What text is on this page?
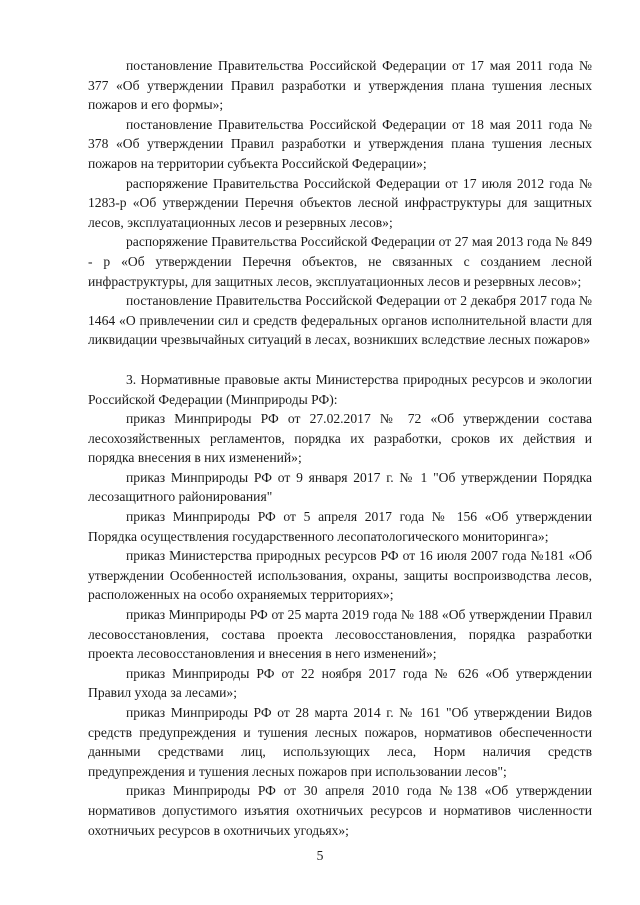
постановление Правительства Российской Федерации от 17 мая 2011 года № 377 «Об утверждении Правил разработки и утверждения плана тушения лесных пожаров и его формы»;

постановление Правительства Российской Федерации от 18 мая 2011 года № 378 «Об утверждении Правил разработки и утверждения плана тушения лесных пожаров на территории субъекта Российской Федерации»;

распоряжение Правительства Российской Федерации от 17 июля 2012 года № 1283-р «Об утверждении Перечня объектов лесной инфраструктуры для защитных лесов, эксплуатационных лесов и резервных лесов»;

распоряжение Правительства Российской Федерации от 27 мая 2013 года № 849 - р «Об утверждении Перечня объектов, не связанных с созданием лесной инфраструктуры, для защитных лесов, эксплуатационных лесов и резервных лесов»;

постановление Правительства Российской Федерации от 2 декабря 2017 года № 1464 «О привлечении сил и средств федеральных органов исполнительной власти для ликвидации чрезвычайных ситуаций в лесах, возникших вследствие лесных пожаров»

3. Нормативные правовые акты Министерства природных ресурсов и экологии Российской Федерации (Минприроды РФ):

приказ Минприроды РФ от 27.02.2017 № 72 «Об утверждении состава лесохозяйственных регламентов, порядка их разработки, сроков их действия и порядка внесения в них изменений»;

приказ Минприроды РФ от 9 января 2017 г. № 1 "Об утверждении Порядка лесозащитного районирования"

приказ Минприроды РФ от 5 апреля 2017 года № 156 «Об утверждении Порядка осуществления государственного лесопатологического мониторинга»;

приказ Министерства природных ресурсов РФ от 16 июля 2007 года №181 «Об утверждении Особенностей использования, охраны, защиты воспроизводства лесов, расположенных на особо охраняемых территориях»;

приказ Минприроды РФ от 25 марта 2019 года № 188 «Об утверждении Правил лесовосстановления, состава проекта лесовосстановления, порядка разработки проекта лесовосстановления и внесения в него изменений»;

приказ Минприроды РФ от 22 ноября 2017 года № 626 «Об утверждении Правил ухода за лесами»;

приказ Минприроды РФ от 28 марта 2014 г. № 161 "Об утверждении Видов средств предупреждения и тушения лесных пожаров, нормативов обеспеченности данными средствами лиц, использующих леса, Норм наличия средств предупреждения и тушения лесных пожаров при использовании лесов";

приказ Минприроды РФ от 30 апреля 2010 года №138 «Об утверждении нормативов допустимого изъятия охотничьих ресурсов и нормативов численности охотничьих ресурсов в охотничьих угодьях»;

5
